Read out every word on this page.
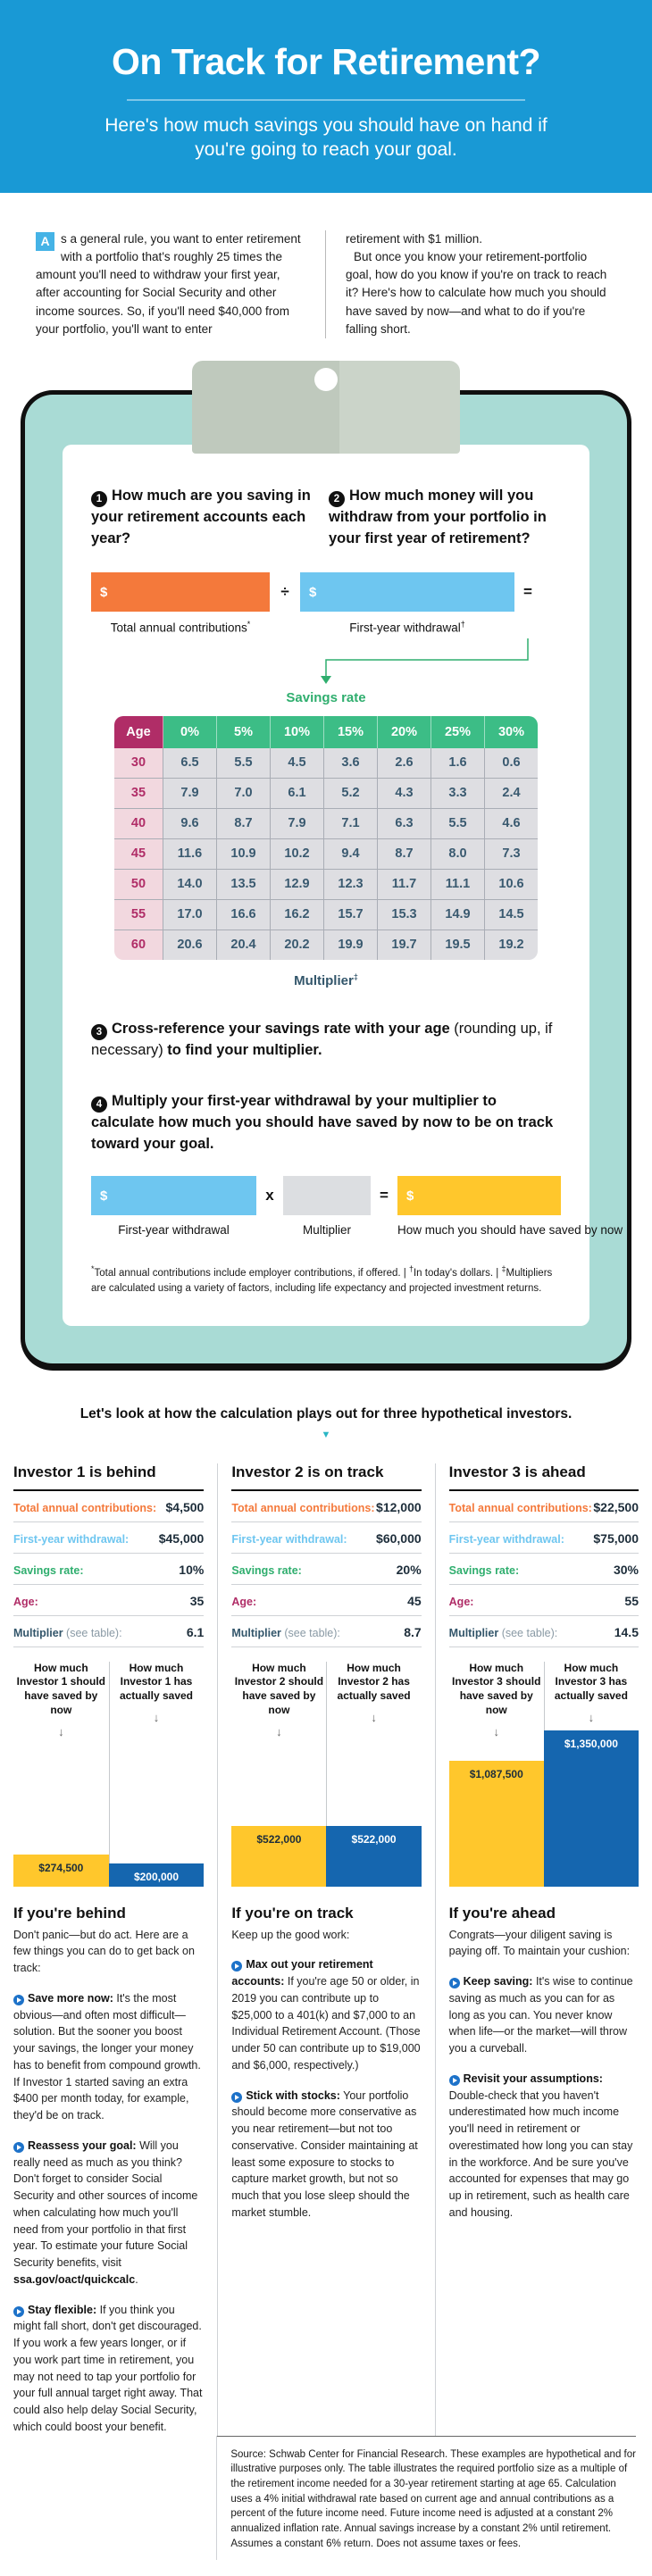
On Track for Retirement?
Here's how much savings you should have on hand if you're going to reach your goal.
A s a general rule, you want to enter retirement with a portfolio that's roughly 25 times the amount you'll need to withdraw your first year, after accounting for Social Security and other income sources. So, if you'll need $40,000 from your portfolio, you'll want to enter

retirement with $1 million.

But once you know your retirement-portfolio goal, how do you know if you're on track to reach it? Here's how to calculate how much you should have saved by now—and what to do if you're falling short.

1 How much are you saving in your retirement accounts each year?
2 How much money will you withdraw from your portfolio in your first year of retirement?
$	÷	$	=
Total annual contributions*	First-year withdrawal†
Savings rate
Age	0%	5%	10%	15%	20%	25%	30%
30	6.5	5.5	4.5	3.6	2.6	1.6	0.6
35	7.9	7.0	6.1	5.2	4.3	3.3	2.4
40	9.6	8.7	7.9	7.1	6.3	5.5	4.6
45	11.6	10.9	10.2	9.4	8.7	8.0	7.3
50	14.0	13.5	12.9	12.3	11.7	11.1	10.6
55	17.0	16.6	16.2	15.7	15.3	14.9	14.5
60	20.6	20.4	20.2	19.9	19.7	19.5	19.2
Multiplier‡
3 Cross-reference your savings rate with your age (rounding up, if necessary) to find your multiplier.
4 Multiply your first-year withdrawal by your multiplier to calculate how much you should have saved by now to be on track toward your goal.
$	x	=	$
First-year withdrawal	Multiplier	How much you should have saved by now
*Total annual contributions include employer contributions, if offered. | †In today's dollars. | ‡Multipliers are calculated using a variety of factors, including life expectancy and projected investment returns.
Let's look at how the calculation plays out for three hypothetical investors.
▼
Investor 1 is behind
Total annual contributions: $4,500
First-year withdrawal: $45,000
Savings rate:	10%
Age:	35
Multiplier (see table):	6.1
How much Investor 1 should have saved by now
↓
How much Investor 1 has actually saved
↓
$274,500
$200,000
If you're behind
Don't panic—but do act. Here are a few things you can do to get back on track:
Save more now: It's the most obvious—and often most difficult—solution. But the sooner you boost your savings, the longer your money has to benefit from compound growth. If Investor 1 started saving an extra $400 per month today, for example, they'd be on track.
Reassess your goal: Will you really need as much as you think? Don't forget to consider Social Security and other sources of income when calculating how much you'll need from your portfolio in that first year. To estimate your future Social Security benefits, visit ssa.gov/oact/quickcalc.
Stay flexible: If you think you might fall short, don't get discouraged. If you work a few years longer, or if you work part time in retirement, you may not need to tap your portfolio for your full annual target right away. That could also help delay Social Security, which could boost your benefit.
Investor 2 is on track
Total annual contributions: $12,000
First-year withdrawal: $60,000
Savings rate:	20%
Age:	45
Multiplier (see table):	8.7
How much Investor 2 should have saved by now
↓
How much Investor 2 has actually saved
↓
$522,000	$522,000
If you're on track
Keep up the good work:
Max out your retirement accounts: If you're age 50 or older, in 2019 you can contribute up to $25,000 to a 401(k) and $7,000 to an Individual Retirement Account. (Those under 50 can contribute up to $19,000 and $6,000, respectively.)
Stick with stocks: Your portfolio should become more conservative as you near retirement—but not too conservative. Consider maintaining at least some exposure to stocks to capture market growth, but not so much that you lose sleep should the market stumble.
Investor 3 is ahead
Total annual contributions: $22,500
First-year withdrawal: $75,000
Savings rate:	30%
Age:	55
Multiplier (see table):	14.5
How much Investor 3 should have saved by now
↓
How much Investor 3 has actually saved
↓
$1,087,500
$1,350,000
If you're ahead
Congrats—your diligent saving is paying off. To maintain your cushion:
Keep saving: It's wise to continue saving as much as you can for as long as you can. You never know when life—or the market—will throw you a curveball.
Revisit your assumptions: Double-check that you haven't underestimated how much income you'll need in retirement or overestimated how long you can stay in the workforce. And be sure you've accounted for expenses that may go up in retirement, such as health care and housing.
Source: Schwab Center for Financial Research. These examples are hypothetical and for illustrative purposes only. The table illustrates the required portfolio size as a multiple of the retirement income needed for a 30-year retirement starting at age 65. Calculation uses a 4% initial withdrawal rate based on current age and annual contributions as a percent of the future income need. Future income need is adjusted at a constant 2% annualized inflation rate. Annual savings increase by a constant 2% until retirement. Assumes a constant 6% return. Does not assume taxes or fees.
